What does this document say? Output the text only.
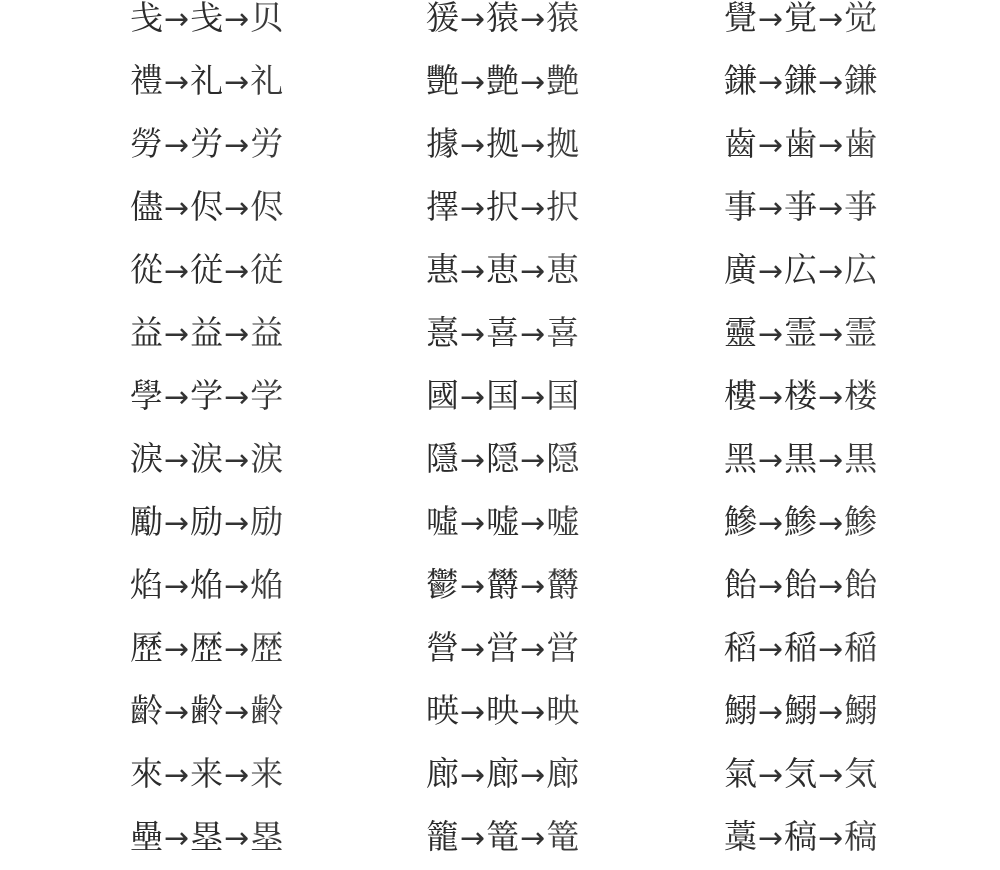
戋→戋→贝
禮→礼→礼
勞→労→労
儘→侭→侭
從→従→従
益→益→益
學→学→学
淚→涙→涙
勵→励→励
焰→焔→焔
歷→歴→歴
齡→齢→齢
來→来→来
壘→塁→塁
猨→猿→猿
艷→艶→艶
據→拠→拠
擇→択→択
惠→恵→恵
憙→喜→喜
國→国→国
隱→隠→隠
噓→嘘→嘘
鬱→欝→欝
營→営→営
暎→映→映
廊→廊→廊
籠→篭→篭
覺→覚→觉
鎌→鎌→鎌
齒→歯→歯
事→亊→亊
廣→広→広
靈→霊→霊
樓→楼→楼
黑→黒→黒
鰺→鯵→鯵
飴→飴→飴
稻→稲→稲
鰯→鰯→鰯
氣→気→気
藁→稿→稿
